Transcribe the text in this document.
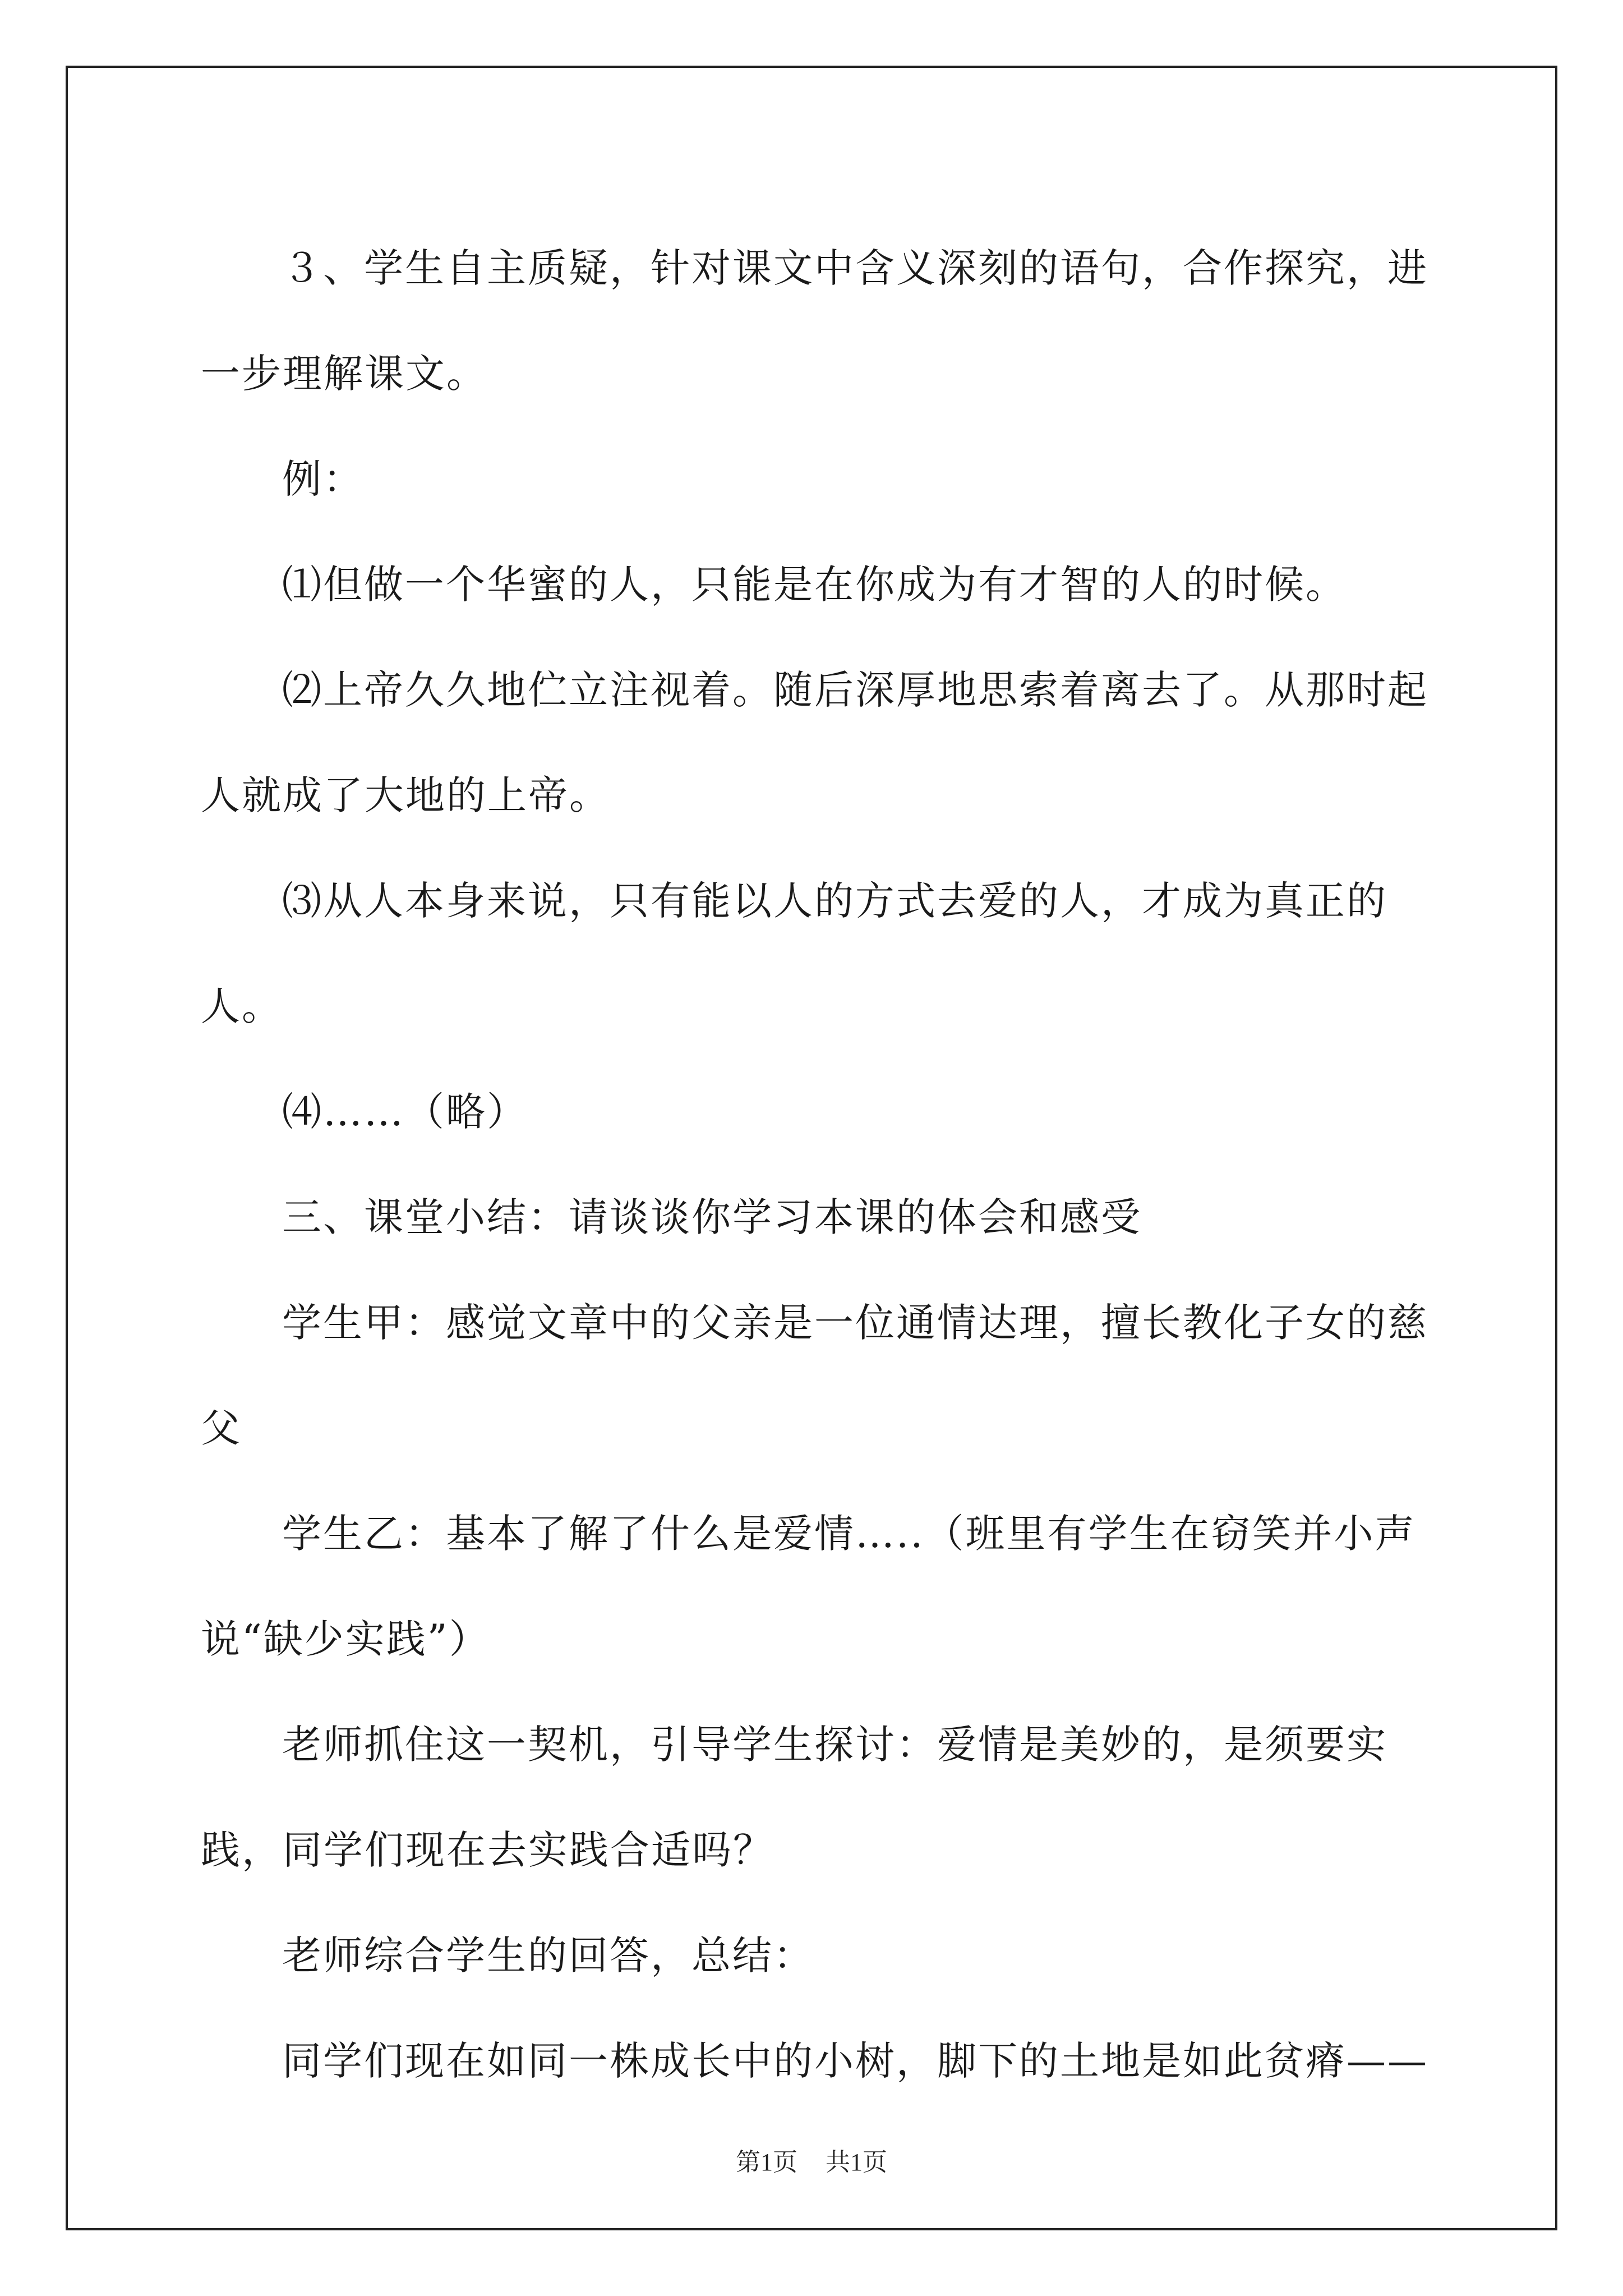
３、学生自主质疑，针对课文中含义深刻的语句，合作探究，进一步理解课文。

例：

⑴但做一个华蜜的人，只能是在你成为有才智的人的时候。

⑵上帝久久地伫立注视着。随后深厚地思索着离去了。从那时起人就成了大地的上帝。

⑶从人本身来说，只有能以人的方式去爱的人，才成为真正的人。

⑷……（略）

三、课堂小结：请谈谈你学习本课的体会和感受

学生甲：感觉文章中的父亲是一位通情达理，擅长教化子女的慈父

学生乙：基本了解了什么是爱情…..（班里有学生在窃笑并小声说“缺少实践”）

老师抓住这一契机，引导学生探讨：爱情是美妙的，是须要实践，同学们现在去实践合适吗？

老师综合学生的回答，总结：

同学们现在如同一株成长中的小树，脚下的土地是如此贫瘠——

第1页 共1页
